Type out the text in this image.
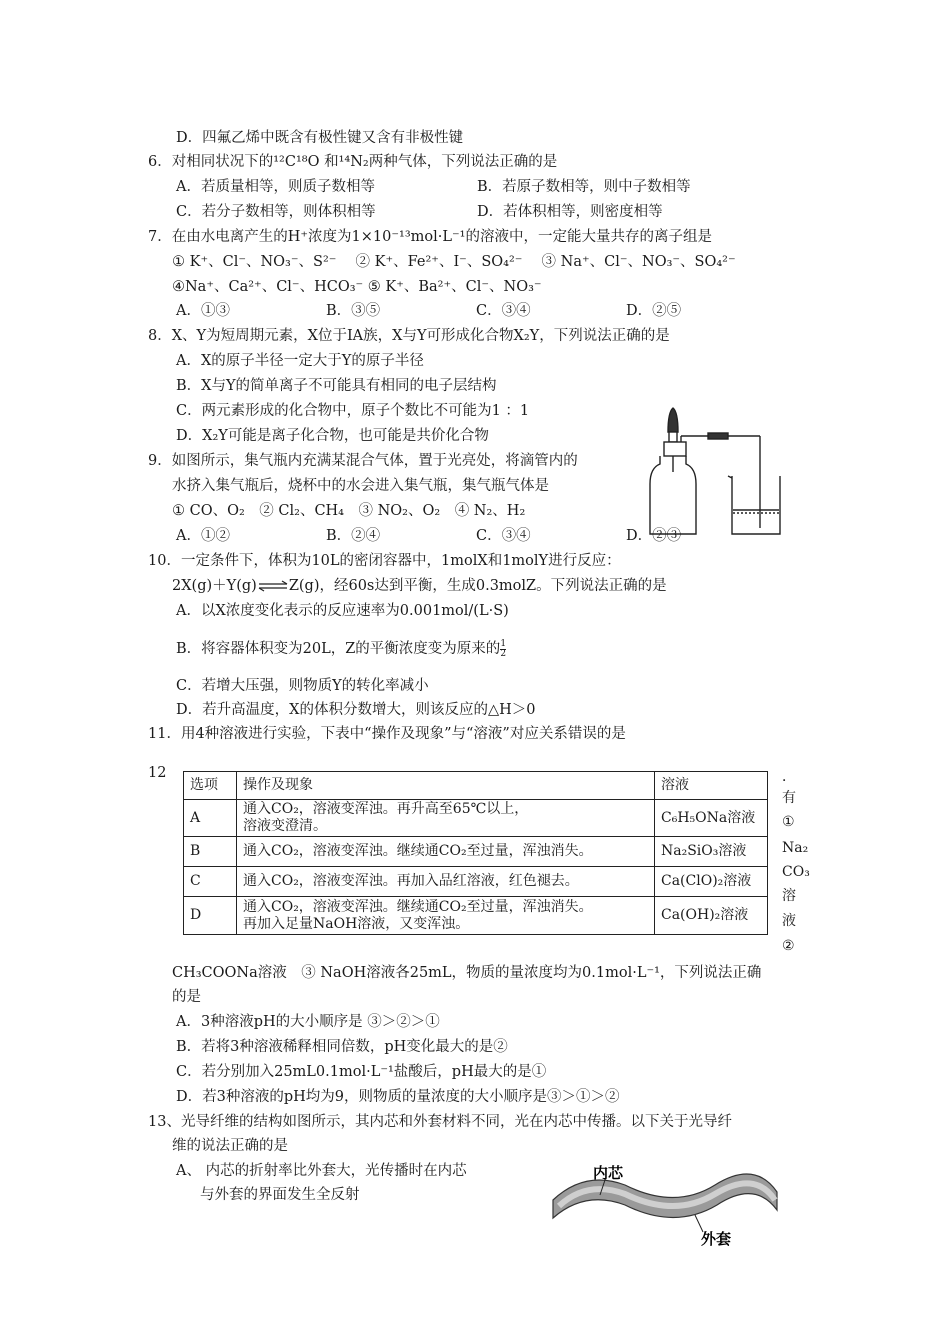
D．四氟乙烯中既含有极性键又含有非极性键
6．对相同状况下的¹²C¹⁸O 和¹⁴N₂两种气体，下列说法正确的是
A．若质量相等，则质子数相等	B．若原子数相等，则中子数相等
C．若分子数相等，则体积相等	D．若体积相等，则密度相等
7．在由水电离产生的H⁺浓度为1×10⁻¹³mol·L⁻¹的溶液中，一定能大量共存的离子组是
① K⁺、Cl⁻、NO₃⁻、S²⁻　 ② K⁺、Fe²⁺、I⁻、SO₄²⁻　 ③ Na⁺、Cl⁻、NO₃⁻、SO₄²⁻
④Na⁺、Ca²⁺、Cl⁻、HCO₃⁻ ⑤ K⁺、Ba²⁺、Cl⁻、NO₃⁻
A．①③	B．③⑤	C．③④	D．②⑤
8．X、Y为短周期元素，X位于IA族，X与Y可形成化合物X₂Y，下列说法正确的是
A．X的原子半径一定大于Y的原子半径
B．X与Y的简单离子不可能具有相同的电子层结构
C．两元素形成的化合物中，原子个数比不可能为1 ：1
D．X₂Y可能是离子化合物，也可能是共价化合物
9．如图所示，集气瓶内充满某混合气体，置于光亮处，将滴管内的
水挤入集气瓶后，烧杯中的水会进入集气瓶，集气瓶气体是
① CO、O₂　② Cl₂、CH₄　③ NO₂、O₂　④ N₂、H₂
A．①②	B．②④	C．③④	D．②③
10．一定条件下，体积为10L的密闭容器中，1molX和1molY进行反应：
2X(g)＋Y(g)⇌Z(g)，经60s达到平衡，生成0.3molZ。下列说法正确的是
A．以X浓度变化表示的反应速率为0.001mol/(L·S)
B．将容器体积变为20L，Z的平衡浓度变为原来的 $\frac{1}{2}$
C．若增大压强，则物质Y的转化率减小
D．若升高温度，X的体积分数增大，则该反应的△H＞0
11．用4种溶液进行实验，下表中“操作及现象”与“溶液”对应关系错误的是
12
选项	操作及现象	溶液
A	通入CO₂，溶液变浑浊。再升高至65℃以上，
溶液变澄清。	C₆H₅ONa溶液
B	通入CO₂，溶液变浑浊。继续通CO₂至过量，浑浊消失。	Na₂SiO₃溶液
C	通入CO₂，溶液变浑浊。再加入品红溶液，红色褪去。	Ca(ClO)₂溶液
D	通入CO₂，溶液变浑浊。继续通CO₂至过量，浑浊消失。
再加入足量NaOH溶液，又变浑浊。	Ca(OH)₂溶液
．
有
①
Na₂
CO₃
溶
液
②
CH₃COONa溶液　③ NaOH溶液各25mL，物质的量浓度均为0.1mol·L⁻¹，下列说法正确
的是
A．3种溶液pH的大小顺序是 ③＞②＞①
B．若将3种溶液稀释相同倍数，pH变化最大的是②
C．若分别加入25mL0.1mol·L⁻¹盐酸后，pH最大的是①
D．若3种溶液的pH均为9，则物质的量浓度的大小顺序是③＞①＞②
13、光导纤维的结构如图所示，其内芯和外套材料不同，光在内芯中传播。以下关于光导纤
维的说法正确的是
A、 内芯的折射率比外套大，光传播时在内芯
与外套的界面发生全反射
内芯
外套
